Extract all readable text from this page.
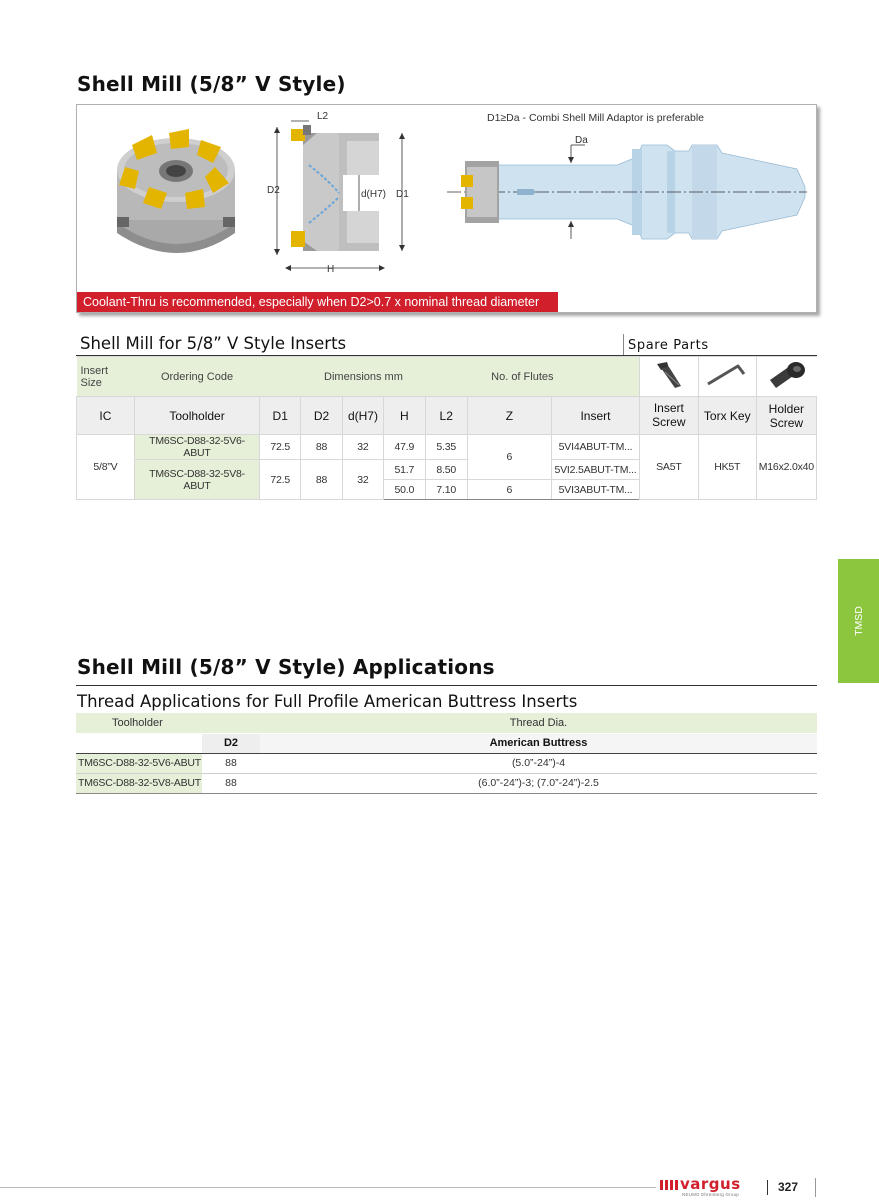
Shell Mill (5/8” V Style)
L2
D2	d(H7) D1
H
D1≥Da - Combi Shell Mill Adaptor is preferable
Da
Coolant-Thru is recommended, especially when D2>0.7 x nominal thread diameter
Shell Mill for 5/8” V Style Inserts	Spare Parts
Insert Size	Ordering Code	Dimensions mm					No. of Flutes			
IC	Toolholder	D1	D2	d(H7)	H	L2	Z	Insert	Insert Screw	Torx Key	Holder Screw
5/8”V	TM6SC-D88-32-5V6-ABUT	72.5	88	32	47.9	5.35	6	5VI4ABUT-TM...	SA5T	HK5T	M16x2.0x40
	TM6SC-D88-32-5V8-ABUT	72.5	88	32	51.7	8.50		5VI2.5ABUT-TM...			
					50.0	7.10	6	5VI3ABUT-TM...			
TMSD
Shell Mill (5/8” V Style) Applications
Thread Applications for Full Profile American Buttress Inserts
Toolholder		Thread Dia.
	D2	American Buttress
TM6SC-D88-32-5V6-ABUT	88	(5.0”-24”)-4
TM6SC-D88-32-5V8-ABUT	88	(6.0”-24”)-3; (7.0”-24”)-2.5
vargus
NEUMO Ehrenberg Group
327
